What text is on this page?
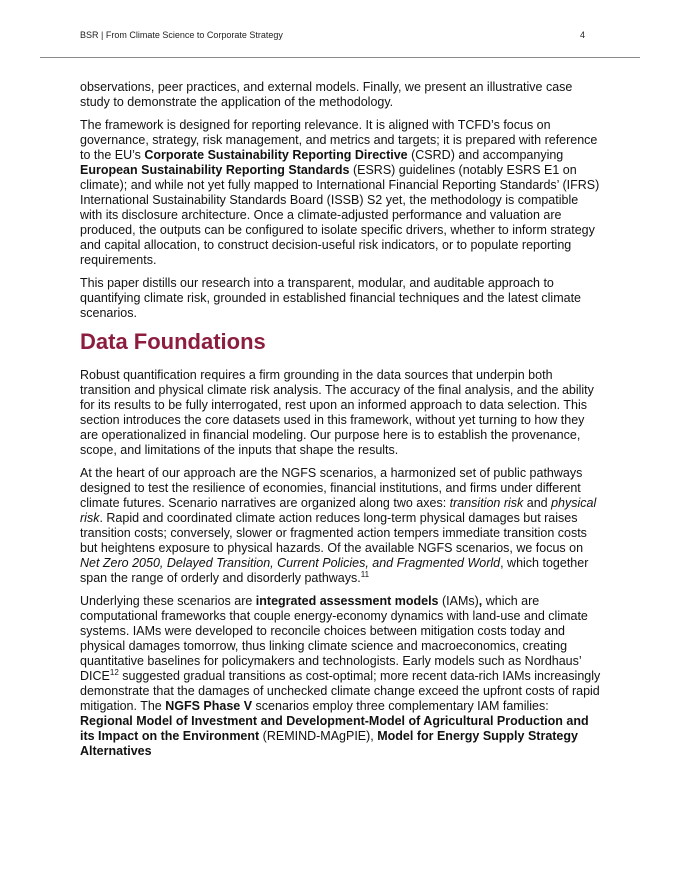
BSR | From Climate Science to Corporate Strategy	4

observations, peer practices, and external models. Finally, we present an illustrative case study to demonstrate the application of the methodology.

The framework is designed for reporting relevance. It is aligned with TCFD’s focus on governance, strategy, risk management, and metrics and targets; it is prepared with reference to the EU’s Corporate Sustainability Reporting Directive (CSRD) and accompanying European Sustainability Reporting Standards (ESRS) guidelines (notably ESRS E1 on climate); and while not yet fully mapped to International Financial Reporting Standards’ (IFRS) International Sustainability Standards Board (ISSB) S2 yet, the methodology is compatible with its disclosure architecture. Once a climate-adjusted performance and valuation are produced, the outputs can be configured to isolate specific drivers, whether to inform strategy and capital allocation, to construct decision-useful risk indicators, or to populate reporting requirements.

This paper distills our research into a transparent, modular, and auditable approach to quantifying climate risk, grounded in established financial techniques and the latest climate scenarios.

Data Foundations

Robust quantification requires a firm grounding in the data sources that underpin both transition and physical climate risk analysis. The accuracy of the final analysis, and the ability for its results to be fully interrogated, rest upon an informed approach to data selection. This section introduces the core datasets used in this framework, without yet turning to how they are operationalized in financial modeling. Our purpose here is to establish the provenance, scope, and limitations of the inputs that shape the results.

At the heart of our approach are the NGFS scenarios, a harmonized set of public pathways designed to test the resilience of economies, financial institutions, and firms under different climate futures. Scenario narratives are organized along two axes: transition risk and physical risk. Rapid and coordinated climate action reduces long-term physical damages but raises transition costs; conversely, slower or fragmented action tempers immediate transition costs but heightens exposure to physical hazards. Of the available NGFS scenarios, we focus on Net Zero 2050, Delayed Transition, Current Policies, and Fragmented World, which together span the range of orderly and disorderly pathways.$^{11}$

Underlying these scenarios are integrated assessment models (IAMs), which are computational frameworks that couple energy-economy dynamics with land-use and climate systems. IAMs were developed to reconcile choices between mitigation costs today and physical damages tomorrow, thus linking climate science and macroeconomics, creating quantitative baselines for policymakers and technologists. Early models such as Nordhaus’ DICE$^{12}$ suggested gradual transitions as cost-optimal; more recent data-rich IAMs increasingly demonstrate that the damages of unchecked climate change exceed the upfront costs of rapid mitigation. The NGFS Phase V scenarios employ three complementary IAM families: Regional Model of Investment and Development-Model of Agricultural Production and its Impact on the Environment (REMIND-MAgPIE), Model for Energy Supply Strategy Alternatives
